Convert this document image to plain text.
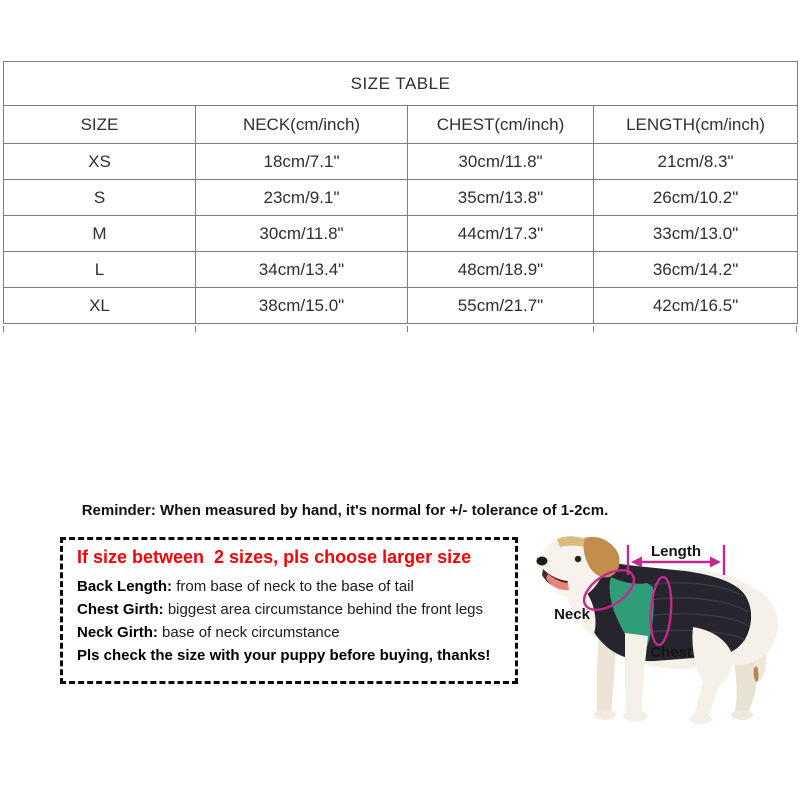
SIZE TABLE			
SIZE	NECK(cm/inch)	CHEST(cm/inch)	LENGTH(cm/inch)
XS	18cm/7.1"	30cm/11.8"	21cm/8.3"
S	23cm/9.1"	35cm/13.8"	26cm/10.2"
M	30cm/11.8"	44cm/17.3"	33cm/13.0"
L	34cm/13.4"	48cm/18.9"	36cm/14.2"
XL	38cm/15.0"	55cm/21.7"	42cm/16.5"
Reminder: When measured by hand, it's normal for +/- tolerance of 1-2cm.
If size between  2 sizes, pls choose larger size
Back Length: from base of neck to the base of tail
Chest Girth: biggest area circumstance behind the front legs
Neck Girth: base of neck circumstance
Pls check the size with your puppy before buying, thanks!
Length
Neck
Chest
